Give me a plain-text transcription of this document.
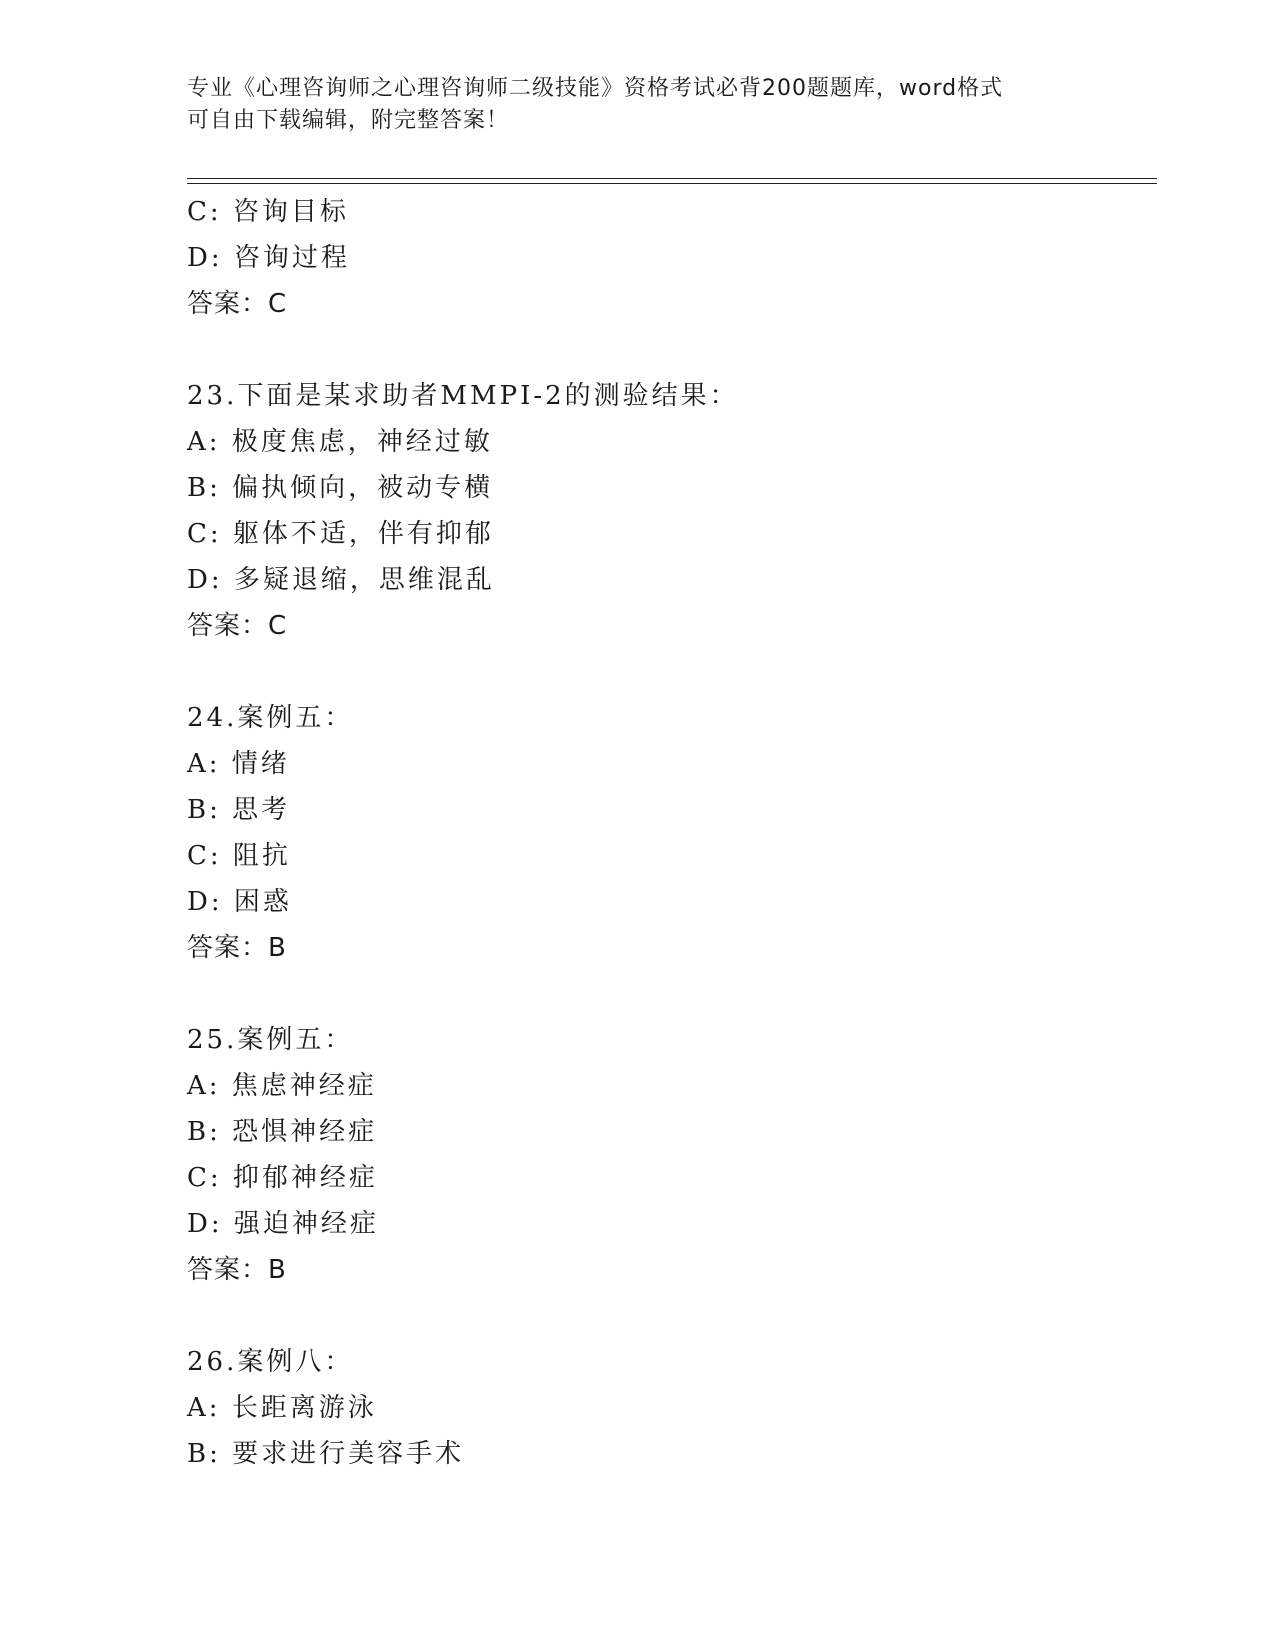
专业《心理咨询师之心理咨询师二级技能》资格考试必背200题题库，word格式
可自由下载编辑，附完整答案！
C: 咨询目标
D: 咨询过程
答案：C
23.下面是某求助者MMPI-2的测验结果：
A: 极度焦虑，神经过敏
B: 偏执倾向，被动专横
C: 躯体不适，伴有抑郁
D: 多疑退缩，思维混乱
答案：C
24.案例五：
A: 情绪
B: 思考
C: 阻抗
D: 困惑
答案：B
25.案例五：
A: 焦虑神经症
B: 恐惧神经症
C: 抑郁神经症
D: 强迫神经症
答案：B
26.案例八：
A: 长距离游泳
B: 要求进行美容手术
